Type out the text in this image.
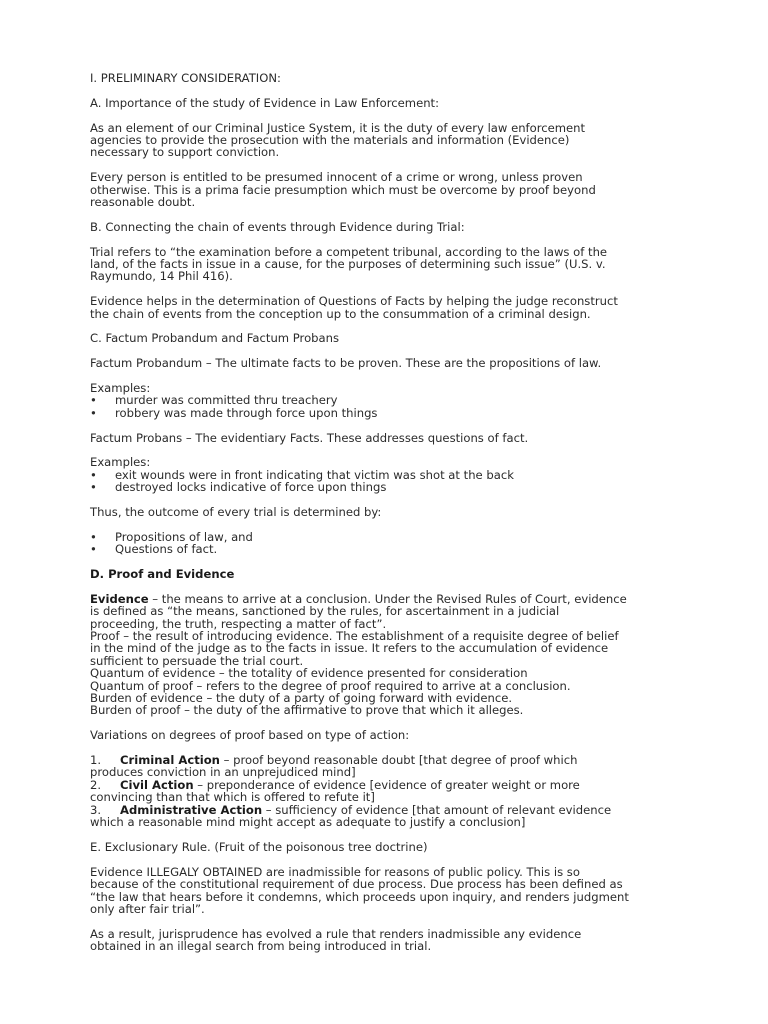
I. PRELIMINARY CONSIDERATION:

A. Importance of the study of Evidence in Law Enforcement:

As an element of our Criminal Justice System, it is the duty of every law enforcement

agencies to provide the prosecution with the materials and information (Evidence)

necessary to support conviction.

Every person is entitled to be presumed innocent of a crime or wrong, unless proven

otherwise. This is a prima facie presumption which must be overcome by proof beyond

reasonable doubt.

B. Connecting the chain of events through Evidence during Trial:

Trial refers to “the examination before a competent tribunal, according to the laws of the

land, of the facts in issue in a cause, for the purposes of determining such issue” (U.S. v.

Raymundo, 14 Phil 416).

Evidence helps in the determination of Questions of Facts by helping the judge reconstruct

the chain of events from the conception up to the consummation of a criminal design.

C. Factum Probandum and Factum Probans

Factum Probandum – The ultimate facts to be proven. These are the propositions of law.

Examples:

•	murder was committed thru treachery
•	robbery was made through force upon things

Factum Probans – The evidentiary Facts. These addresses questions of fact.

Examples:

•	exit wounds were in front indicating that victim was shot at the back
•	destroyed locks indicative of force upon things

Thus, the outcome of every trial is determined by:

•	Propositions of law, and
•	Questions of fact.

D. Proof and Evidence

Evidence – the means to arrive at a conclusion. Under the Revised Rules of Court, evidence

is defined as “the means, sanctioned by the rules, for ascertainment in a judicial

proceeding, the truth, respecting a matter of fact”.

Proof – the result of introducing evidence. The establishment of a requisite degree of belief

in the mind of the judge as to the facts in issue. It refers to the accumulation of evidence

sufficient to persuade the trial court.

Quantum of evidence – the totality of evidence presented for consideration

Quantum of proof – refers to the degree of proof required to arrive at a conclusion.

Burden of evidence – the duty of a party of going forward with evidence.

Burden of proof – the duty of the affirmative to prove that which it alleges.

Variations on degrees of proof based on type of action:

1.	Criminal Action – proof beyond reasonable doubt [that degree of proof which

produces conviction in an unprejudiced mind]

2.	Civil Action – preponderance of evidence [evidence of greater weight or more

convincing than that which is offered to refute it]

3.	Administrative Action – sufficiency of evidence [that amount of relevant evidence

which a reasonable mind might accept as adequate to justify a conclusion]

E. Exclusionary Rule. (Fruit of the poisonous tree doctrine)

Evidence ILLEGALY OBTAINED are inadmissible for reasons of public policy. This is so

because of the constitutional requirement of due process. Due process has been defined as

“the law that hears before it condemns, which proceeds upon inquiry, and renders judgment

only after fair trial”.

As a result, jurisprudence has evolved a rule that renders inadmissible any evidence

obtained in an illegal search from being introduced in trial.
